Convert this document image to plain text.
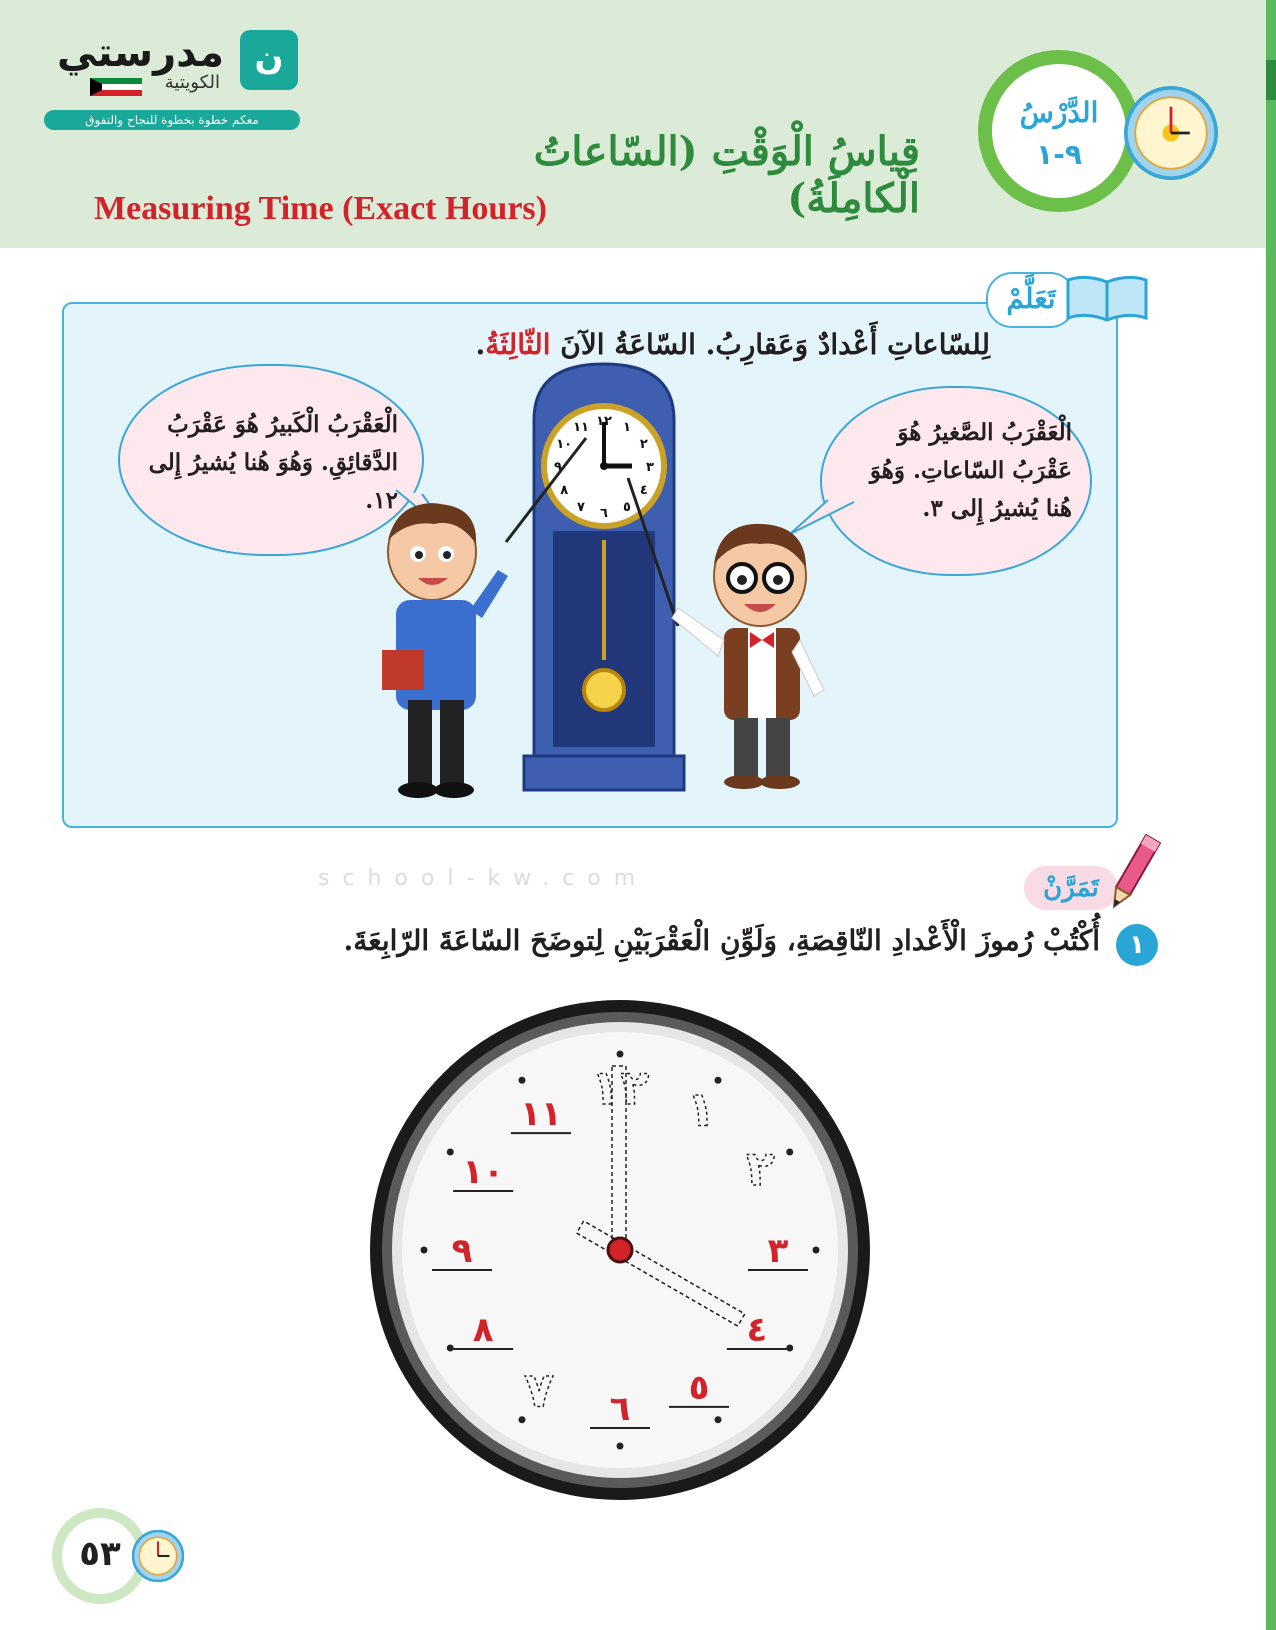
ن
مدرستي
الكويتية
معكم خطوة بخطوة للنجاح والتفوق
قِياسُ الْوَقْتِ (السّاعاتُ الْكامِلَةُ)
Measuring Time (Exact Hours)
الدَّرْسُ
٩-١
تَعَلَّمْ
لِلسّاعاتِ أَعْدادٌ وَعَقارِبُ. السّاعَةُ الآنَ الثّالِثَةُ.
الْعَقْرَبُ الْكَبيرُ هُوَ عَقْرَبُ الدَّقائِقِ. وَهُوَ هُنا يُشيرُ إِلى ١٢.
الْعَقْرَبُ الصَّغيرُ هُوَ عَقْرَبُ السّاعاتِ. وَهُوَ هُنا يُشيرُ إِلى ٣.
١٢ ١
٢
٣
٤
٥
٦
٧
٨
٩
١٠
١١
school-kw.com	تَمَرَّنْ
١
أُكْتُبْ رُموزَ الْأَعْدادِ النّاقِصَةِ، وَلَوِّنِ الْعَقْرَبَيْنِ لِتوضَحَ السّاعَةَ الرّابِعَةَ.
١١
١٠
٩
٨
٦
٥
٤
٣
١٢ ١
٢
٧
٥٣
